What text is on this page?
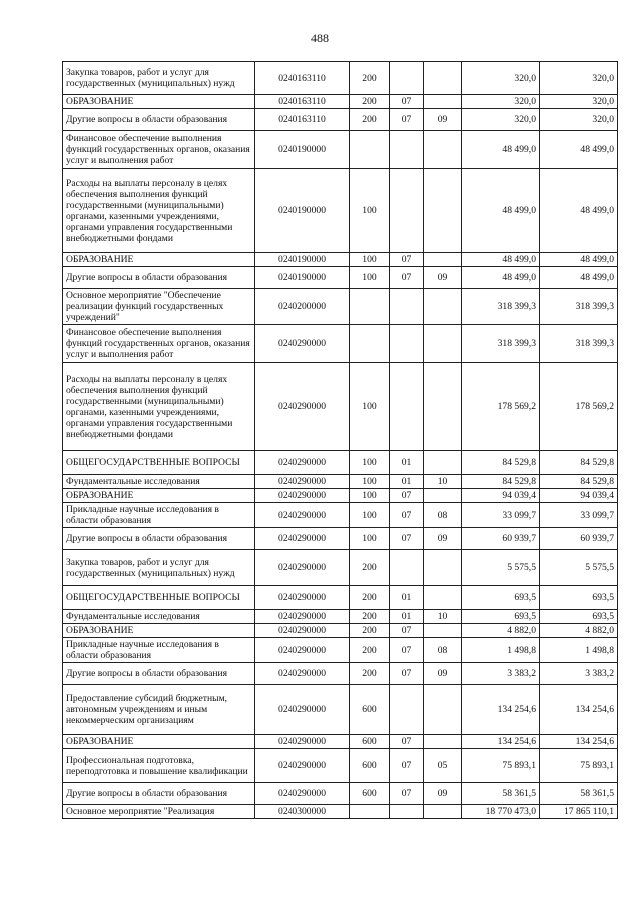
488
Закупка товаров, работ и услуг для государственных (муниципальных) нужд	0240163110	200			320,0	320,0
ОБРАЗОВАНИЕ	0240163110	200	07		320,0	320,0
Другие вопросы в области образования	0240163110	200	07	09	320,0	320,0
Финансовое обеспечение выполнения функций государственных органов, оказания услуг и выполнения работ	0240190000				48 499,0	48 499,0
Расходы на выплаты персоналу в целях обеспечения выполнения функций государственными (муниципальными) органами, казенными учреждениями, органами управления государственными внебюджетными фондами	0240190000	100			48 499,0	48 499,0
ОБРАЗОВАНИЕ	0240190000	100	07		48 499,0	48 499,0
Другие вопросы в области образования	0240190000	100	07	09	48 499,0	48 499,0
Основное мероприятие "Обеспечение реализации функций государственных учреждений"	0240200000				318 399,3	318 399,3
Финансовое обеспечение выполнения функций государственных органов, оказания услуг и выполнения работ	0240290000				318 399,3	318 399,3
Расходы на выплаты персоналу в целях обеспечения выполнения функций государственными (муниципальными) органами, казенными учреждениями, органами управления государственными внебюджетными фондами	0240290000	100			178 569,2	178 569,2
ОБЩЕГОСУДАРСТВЕННЫЕ ВОПРОСЫ	0240290000	100	01		84 529,8	84 529,8
Фундаментальные исследования	0240290000	100	01	10	84 529,8	84 529,8
ОБРАЗОВАНИЕ	0240290000	100	07		94 039,4	94 039,4
Прикладные научные исследования в области образования	0240290000	100	07	08	33 099,7	33 099,7
Другие вопросы в области образования	0240290000	100	07	09	60 939,7	60 939,7
Закупка товаров, работ и услуг для государственных (муниципальных) нужд	0240290000	200			5 575,5	5 575,5
ОБЩЕГОСУДАРСТВЕННЫЕ ВОПРОСЫ	0240290000	200	01		693,5	693,5
Фундаментальные исследования	0240290000	200	01	10	693,5	693,5
ОБРАЗОВАНИЕ	0240290000	200	07		4 882,0	4 882,0
Прикладные научные исследования в области образования	0240290000	200	07	08	1 498,8	1 498,8
Другие вопросы в области образования	0240290000	200	07	09	3 383,2	3 383,2
Предоставление субсидий бюджетным, автономным учреждениям и иным некоммерческим организациям	0240290000	600			134 254,6	134 254,6
ОБРАЗОВАНИЕ	0240290000	600	07		134 254,6	134 254,6
Профессиональная подготовка, переподготовка и повышение квалификации	0240290000	600	07	05	75 893,1	75 893,1
Другие вопросы в области образования	0240290000	600	07	09	58 361,5	58 361,5
Основное мероприятие "Реализация	0240300000				18 770 473,0	17 865 110,1
